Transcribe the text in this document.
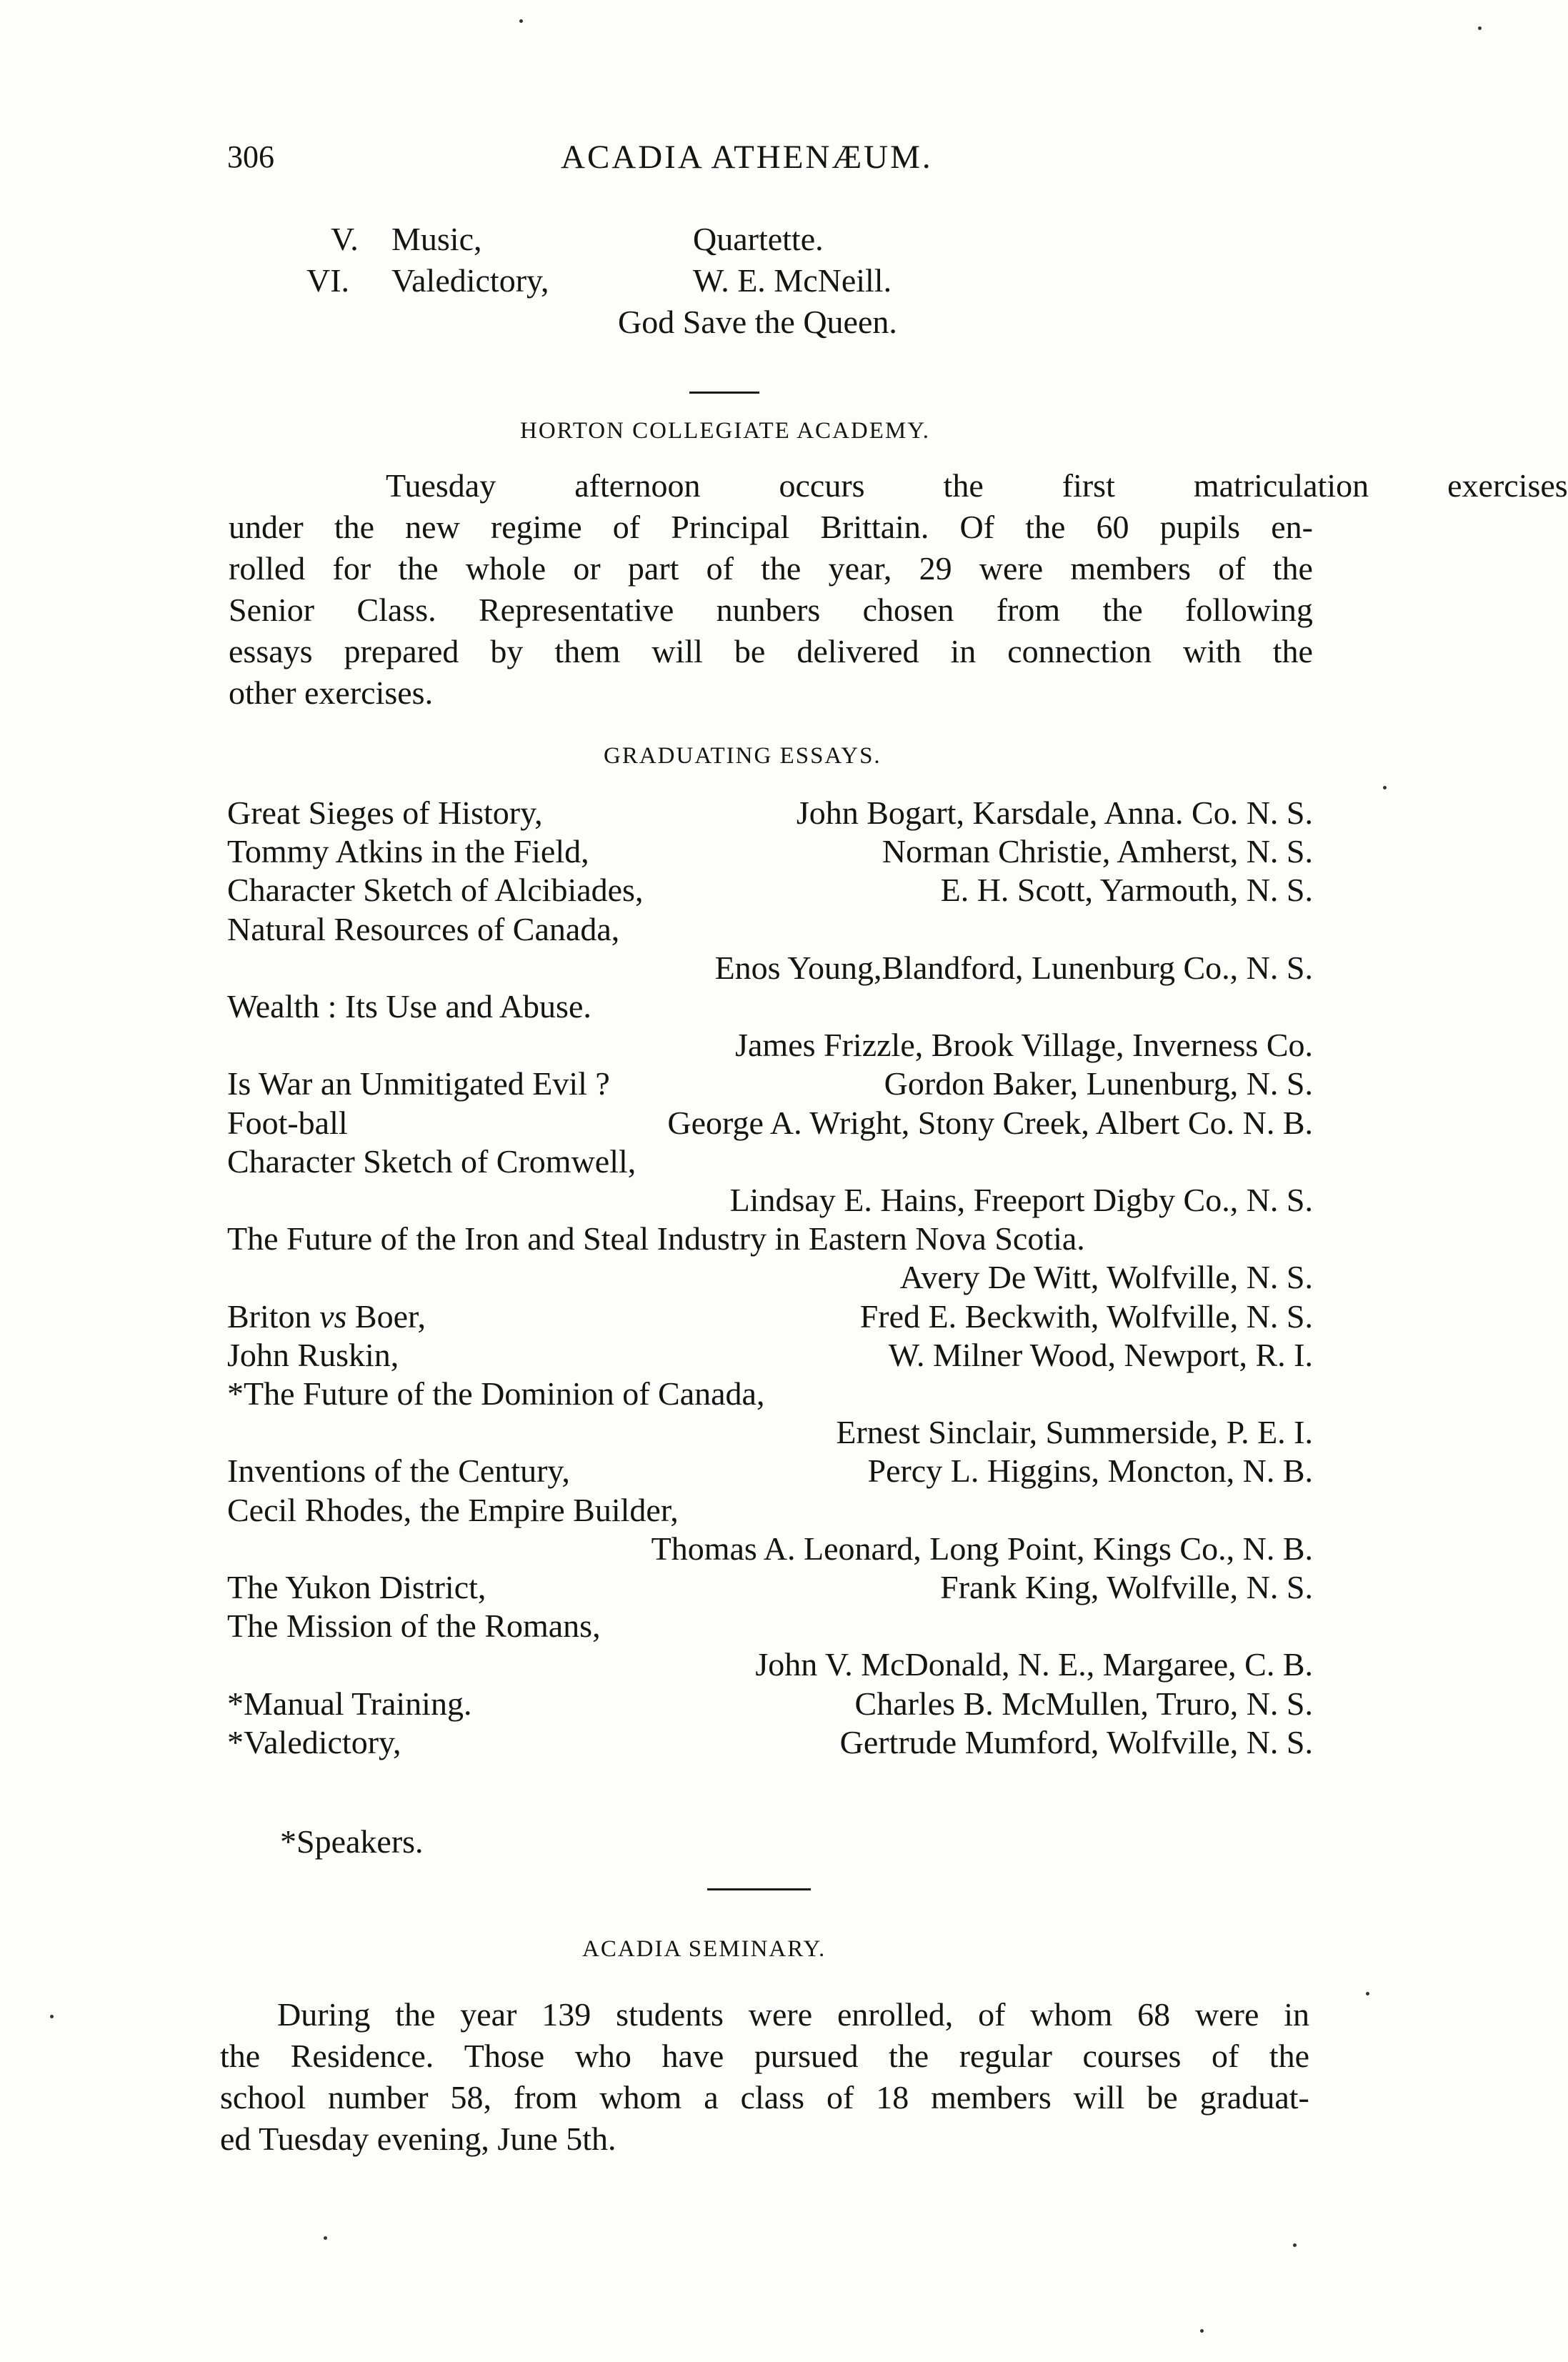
306	ACADIA ATHENÆUM.
V. Music,	Quartette.
VI. Valedictory,	W. E. McNeill.
God Save the Queen.
HORTON COLLEGIATE ACADEMY.
Tuesday	afternoon	occurs	the	first	matriculation	exercises
under the new regime of Principal Brittain. Of the 60 pupils en-
rolled for the whole or part of the year, 29 were members of the
Senior Class. Representative nunbers chosen from the following
essays prepared by them will be delivered in connection with the
other exercises.
GRADUATING ESSAYS.
Great Sieges of History,	John Bogart, Karsdale, Anna. Co. N. S.
Tommy Atkins in the Field,	Norman Christie, Amherst, N. S.
Character Sketch of Alcibiades,	E. H. Scott, Yarmouth, N. S.
Natural Resources of Canada,
Enos Young,Blandford, Lunenburg Co., N. S.
Wealth : Its Use and Abuse.
James Frizzle, Brook Village, Inverness Co.
Is War an Unmitigated Evil ?	Gordon Baker, Lunenburg, N. S.
Foot-ball	George A. Wright, Stony Creek, Albert Co. N. B.
Character Sketch of Cromwell,
Lindsay E. Hains, Freeport Digby Co., N. S.
The Future of the Iron and Steal Industry in Eastern Nova Scotia.
Avery De Witt, Wolfville, N. S.
Briton vs Boer,	Fred E. Beckwith, Wolfville, N. S.
John Ruskin,	W. Milner Wood, Newport, R. I.
*The Future of the Dominion of Canada,
Ernest Sinclair, Summerside, P. E. I.
Inventions of the Century,	Percy L. Higgins, Moncton, N. B.
Cecil Rhodes, the Empire Builder,
Thomas A. Leonard, Long Point, Kings Co., N. B.
The Yukon District,	Frank King, Wolfville, N. S.
The Mission of the Romans,
John V. McDonald, N. E., Margaree, C. B.
*Manual Training.	Charles B. McMullen, Truro, N. S.
*Valedictory,	Gertrude Mumford, Wolfville, N. S.
*Speakers.
ACADIA SEMINARY.
During the year 139 students were enrolled, of whom 68 were in
the Residence. Those who have pursued the regular courses of the
school number 58, from whom a class of 18 members will be graduat-
ed Tuesday evening, June 5th.
